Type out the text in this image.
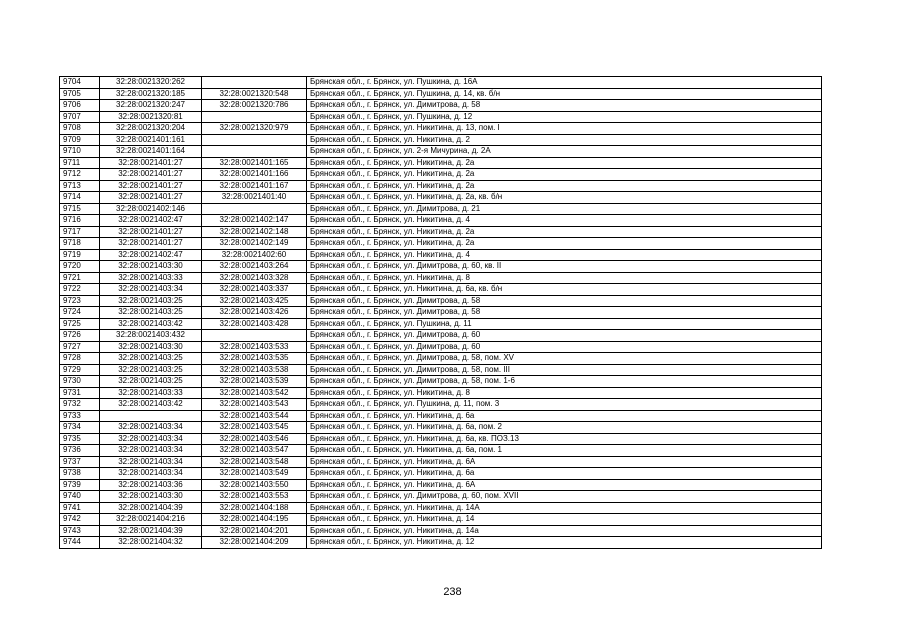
9704	32:28:0021320:262		Брянская обл., г. Брянск, ул. Пушкина, д. 16А
9705	32:28:0021320:185	32:28:0021320:548	Брянская обл., г. Брянск, ул. Пушкина, д. 14, кв. б/н
9706	32:28:0021320:247	32:28:0021320:786	Брянская обл., г. Брянск, ул. Димитрова, д. 58
9707	32:28:0021320:81		Брянская обл., г. Брянск, ул. Пушкина, д. 12
9708	32:28:0021320:204	32:28:0021320:979	Брянская обл., г. Брянск, ул. Никитина, д. 13, пом. I
9709	32:28:0021401:161		Брянская обл., г. Брянск, ул. Никитина, д. 2
9710	32:28:0021401:164		Брянская обл., г. Брянск, ул. 2-я Мичурина, д. 2А
9711	32:28:0021401:27	32:28:0021401:165	Брянская обл., г. Брянск, ул. Никитина, д. 2а
9712	32:28:0021401:27	32:28:0021401:166	Брянская обл., г. Брянск, ул. Никитина, д. 2а
9713	32:28:0021401:27	32:28:0021401:167	Брянская обл., г. Брянск, ул. Никитина, д. 2а
9714	32:28:0021401:27	32:28:0021401:40	Брянская обл., г. Брянск, ул. Никитина, д. 2а, кв. б/н
9715	32:28:0021402:146		Брянская обл., г. Брянск, ул. Димитрова, д. 21
9716	32:28:0021402:47	32:28:0021402:147	Брянская обл., г. Брянск, ул. Никитина, д. 4
9717	32:28:0021401:27	32:28:0021402:148	Брянская обл., г. Брянск, ул. Никитина, д. 2а
9718	32:28:0021401:27	32:28:0021402:149	Брянская обл., г. Брянск, ул. Никитина, д. 2а
9719	32:28:0021402:47	32:28:0021402:60	Брянская обл., г. Брянск, ул. Никитина, д. 4
9720	32:28:0021403:30	32:28:0021403:264	Брянская обл., г. Брянск, ул. Димитрова, д. 60, кв. II
9721	32:28:0021403:33	32:28:0021403:328	Брянская обл., г. Брянск, ул. Никитина, д. 8
9722	32:28:0021403:34	32:28:0021403:337	Брянская обл., г. Брянск, ул. Никитина, д. 6а, кв. б/н
9723	32:28:0021403:25	32:28:0021403:425	Брянская обл., г. Брянск, ул. Димитрова, д. 58
9724	32:28:0021403:25	32:28:0021403:426	Брянская обл., г. Брянск, ул. Димитрова, д. 58
9725	32:28:0021403:42	32:28:0021403:428	Брянская обл., г. Брянск, ул. Пушкина, д. 11
9726	32:28:0021403:432		Брянская обл., г. Брянск, ул. Димитрова, д. 60
9727	32:28:0021403:30	32:28:0021403:533	Брянская обл., г. Брянск, ул. Димитрова, д. 60
9728	32:28:0021403:25	32:28:0021403:535	Брянская обл., г. Брянск, ул. Димитрова, д. 58, пом. XV
9729	32:28:0021403:25	32:28:0021403:538	Брянская обл., г. Брянск, ул. Димитрова, д. 58, пом. III
9730	32:28:0021403:25	32:28:0021403:539	Брянская обл., г. Брянск, ул. Димитрова, д. 58, пом. 1-6
9731	32:28:0021403:33	32:28:0021403:542	Брянская обл., г. Брянск, ул. Никитина, д. 8
9732	32:28:0021403:42	32:28:0021403:543	Брянская обл., г. Брянск, ул. Пушкина, д. 11, пом. 3
9733		32:28:0021403:544	Брянская обл., г. Брянск, ул. Никитина, д. 6а
9734	32:28:0021403:34	32:28:0021403:545	Брянская обл., г. Брянск, ул. Никитина, д. 6а, пом. 2
9735	32:28:0021403:34	32:28:0021403:546	Брянская обл., г. Брянск, ул. Никитина, д. 6а, кв. ПОЗ.13
9736	32:28:0021403:34	32:28:0021403:547	Брянская обл., г. Брянск, ул. Никитина, д. 6а, пом. 1
9737	32:28:0021403:34	32:28:0021403:548	Брянская обл., г. Брянск, ул. Никитина, д. 6А
9738	32:28:0021403:34	32:28:0021403:549	Брянская обл., г. Брянск, ул. Никитина, д. 6а
9739	32:28:0021403:36	32:28:0021403:550	Брянская обл., г. Брянск, ул. Никитина, д. 6А
9740	32:28:0021403:30	32:28:0021403:553	Брянская обл., г. Брянск, ул. Димитрова, д. 60, пом. XVII
9741	32:28:0021404:39	32:28:0021404:188	Брянская обл., г. Брянск, ул. Никитина, д. 14А
9742	32:28:0021404:216	32:28:0021404:195	Брянская обл., г. Брянск, ул. Никитина, д. 14
9743	32:28:0021404:39	32:28:0021404:201	Брянская обл., г. Брянск, ул. Никитина, д. 14а
9744	32:28:0021404:32	32:28:0021404:209	Брянская обл., г. Брянск, ул. Никитина, д. 12
238
